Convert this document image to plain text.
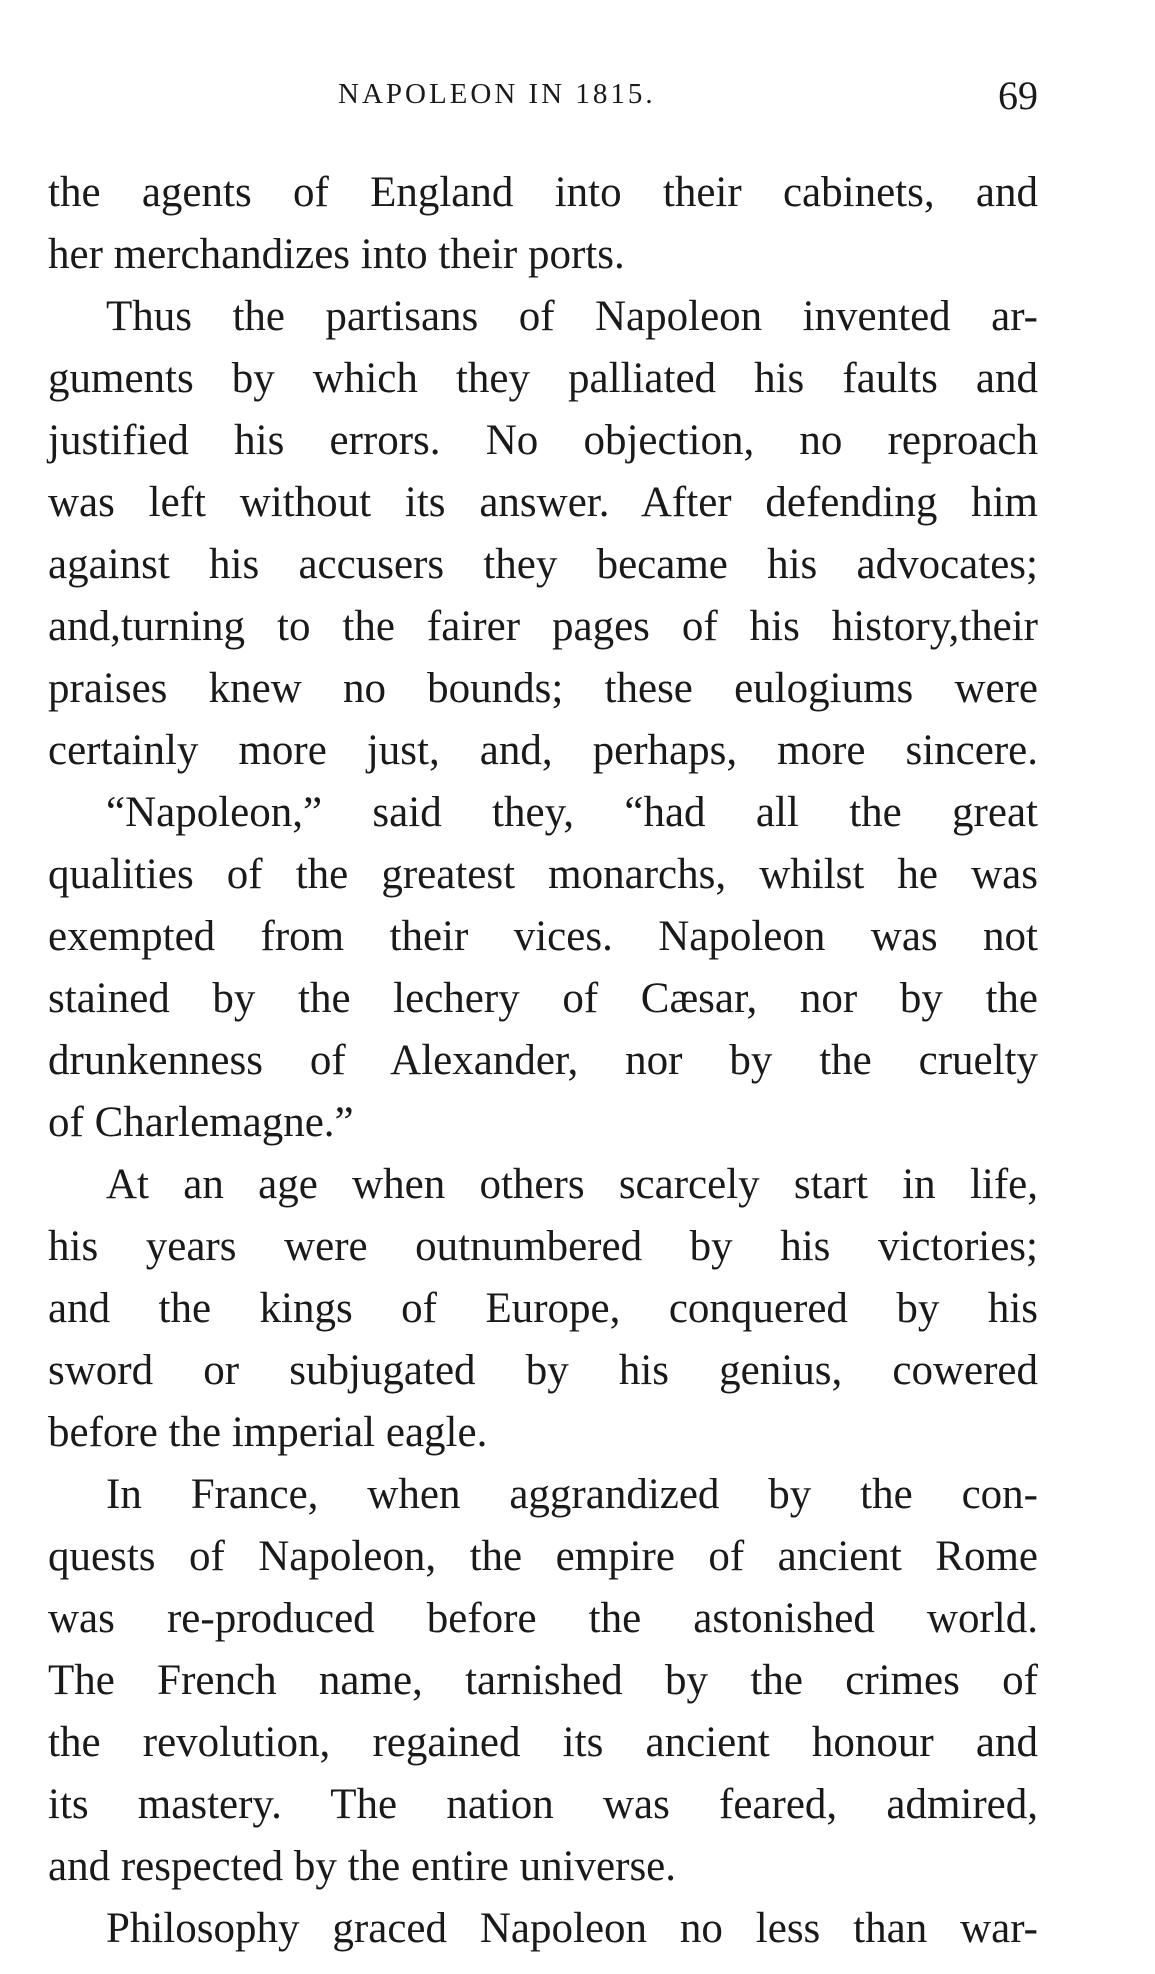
NAPOLEON IN 1815.	69

the agents of England into their cabinets, and
her merchandizes into their ports.

Thus the partisans of Napoleon invented ar-
guments by which they palliated his faults and
justified his errors. No objection, no reproach
was left without its answer. After defending him
against his accusers they became his advocates;
and,turning to the fairer pages of his history,their
praises knew no bounds; these eulogiums were
certainly more just, and, perhaps, more sincere.

“Napoleon,” said they, “had all the great
qualities of the greatest monarchs, whilst he was
exempted from their vices. Napoleon was not
stained by the lechery of Cæsar, nor by the
drunkenness of Alexander, nor by the cruelty
of Charlemagne.”

At an age when others scarcely start in life,
his years were outnumbered by his victories;
and the kings of Europe, conquered by his
sword or subjugated by his genius, cowered
before the imperial eagle.

In France, when aggrandized by the con-
quests of Napoleon, the empire of ancient Rome
was re-produced before the astonished world.
The French name, tarnished by the crimes of
the revolution, regained its ancient honour and
its mastery. The nation was feared, admired,
and respected by the entire universe.

Philosophy graced Napoleon no less than war-
